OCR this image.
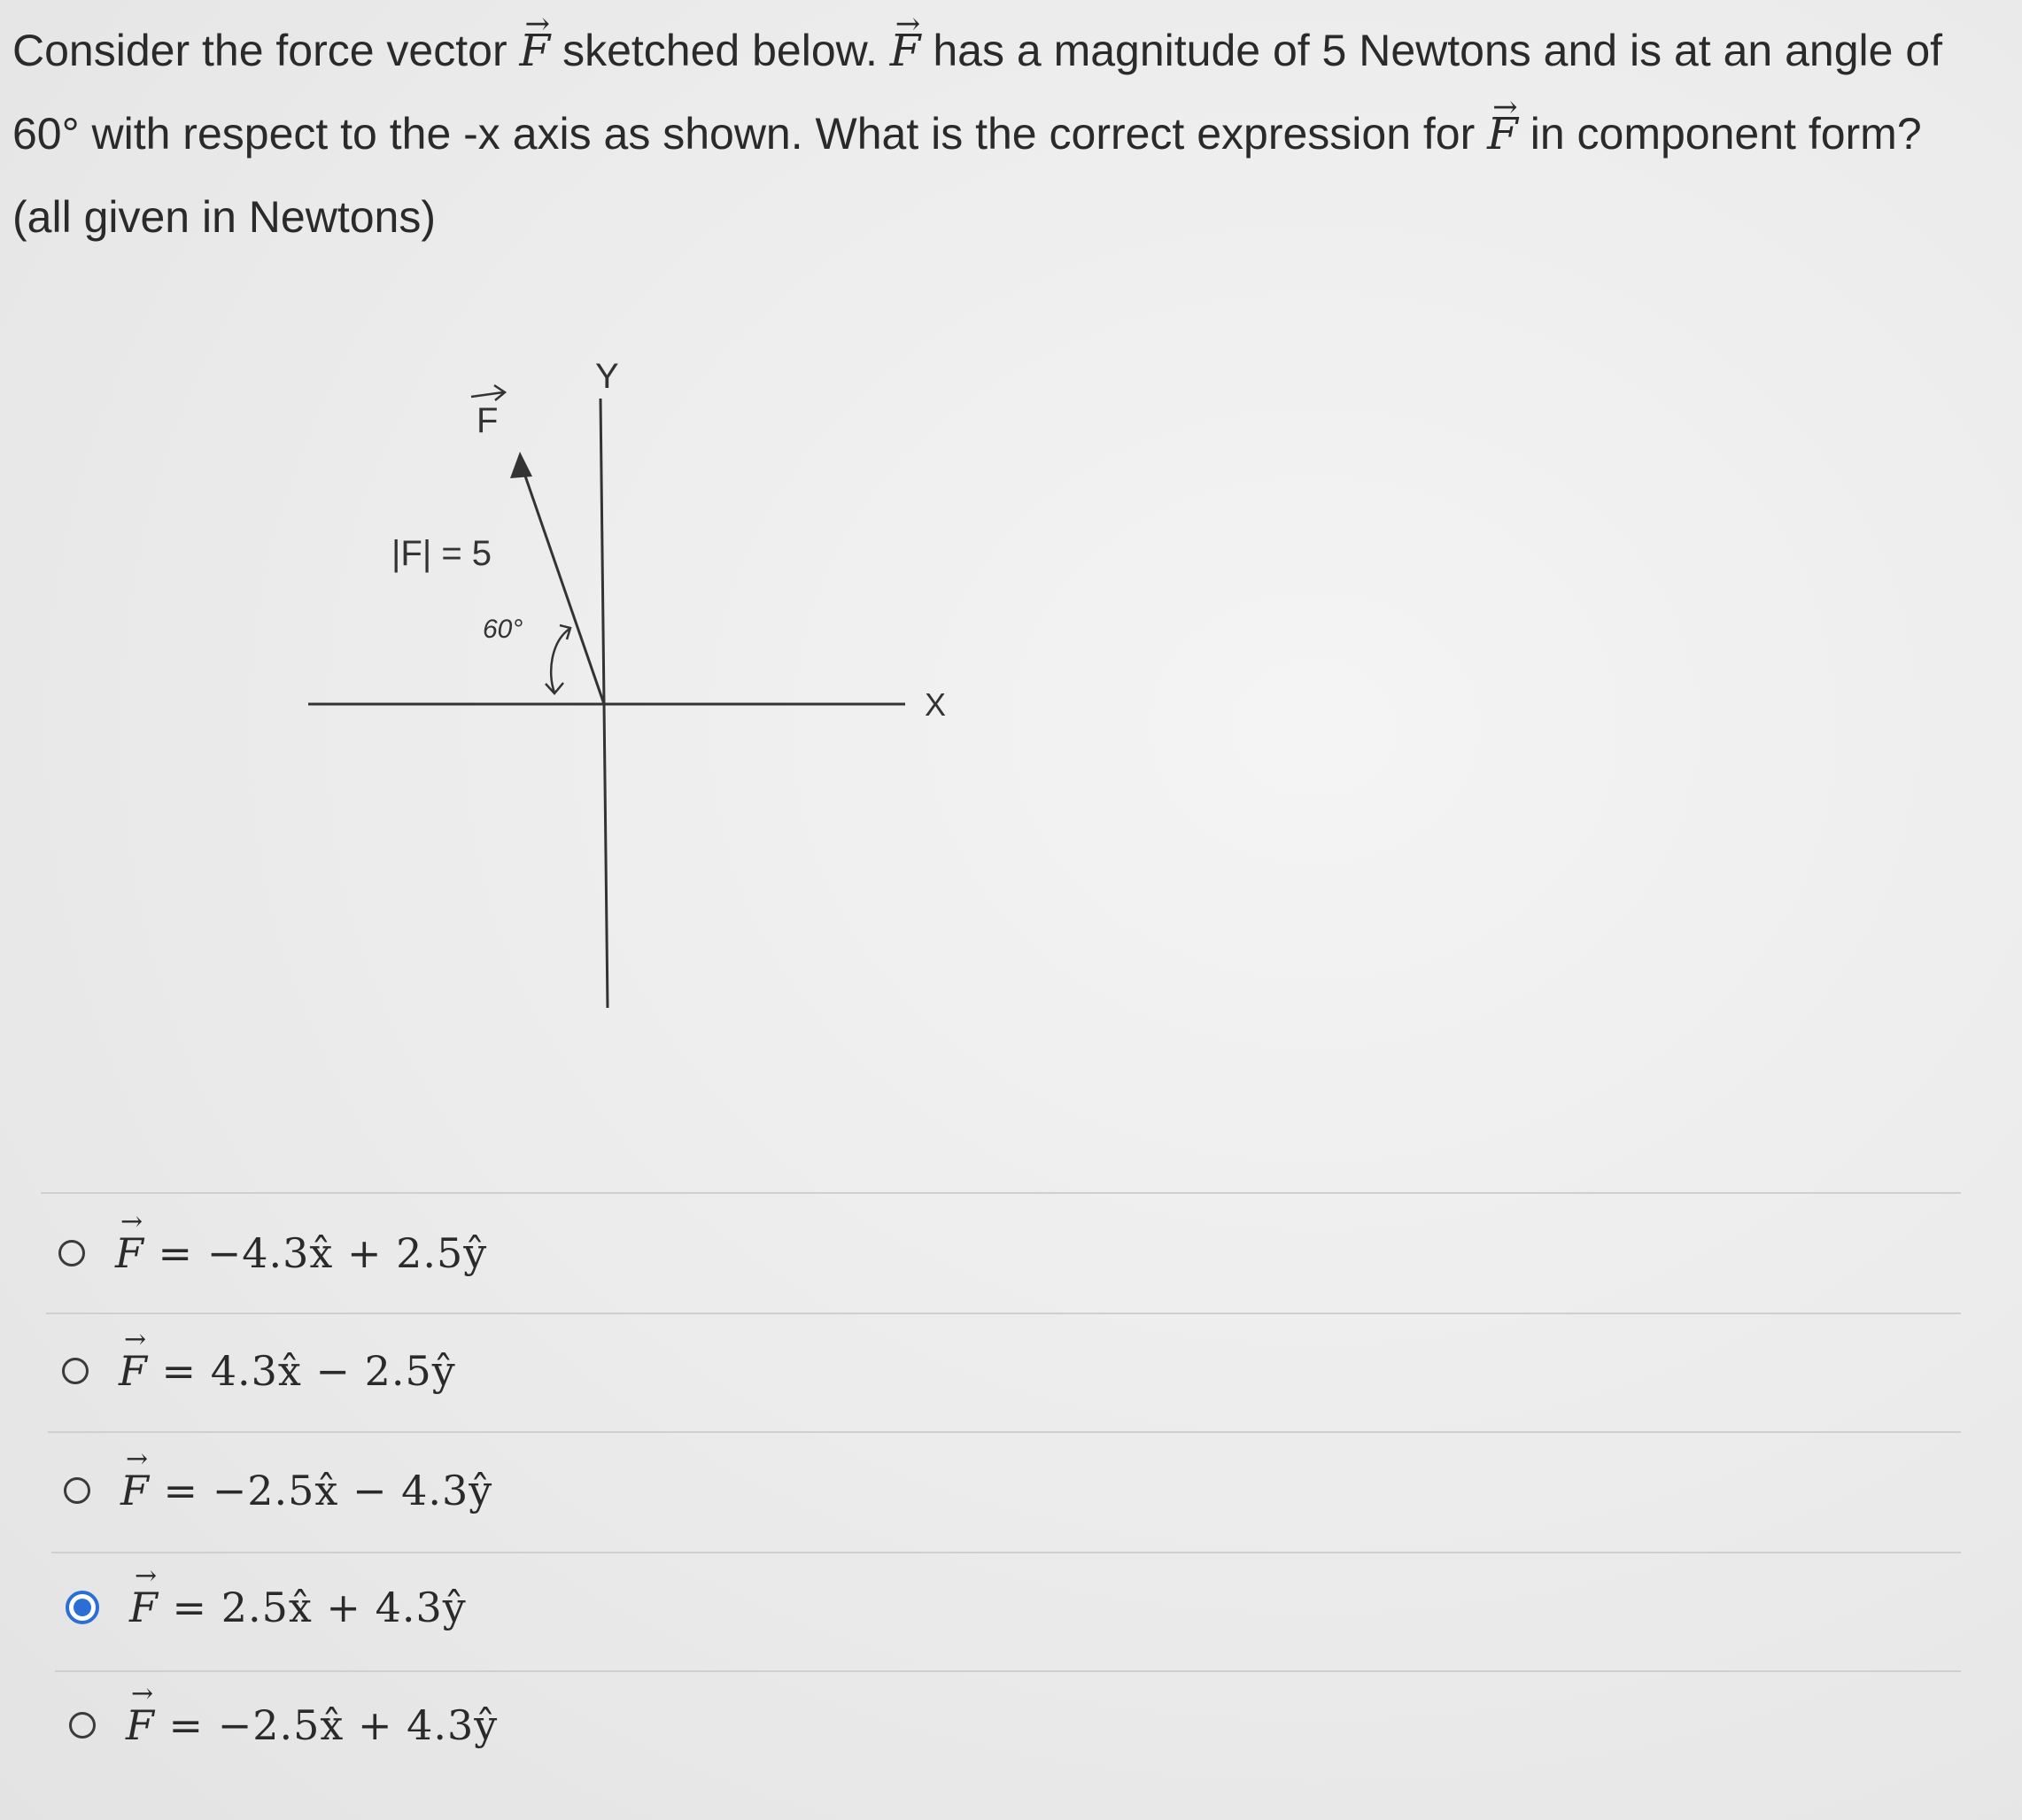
Consider the force vector → F sketched below. → F has a magnitude of 5 Newtons and is at an angle of 60° with respect to the -x axis as shown. What is the correct expression for → F in component form? (all given in Newtons)

F
|F| = 5
60°
Y
X
→ F = −4.3x̂ + 2.5ŷ
→ F = 4.3x̂ − 2.5ŷ
→ F = −2.5x̂ − 4.3ŷ
→ F = 2.5x̂ + 4.3ŷ
→ F = −2.5x̂ + 4.3ŷ
